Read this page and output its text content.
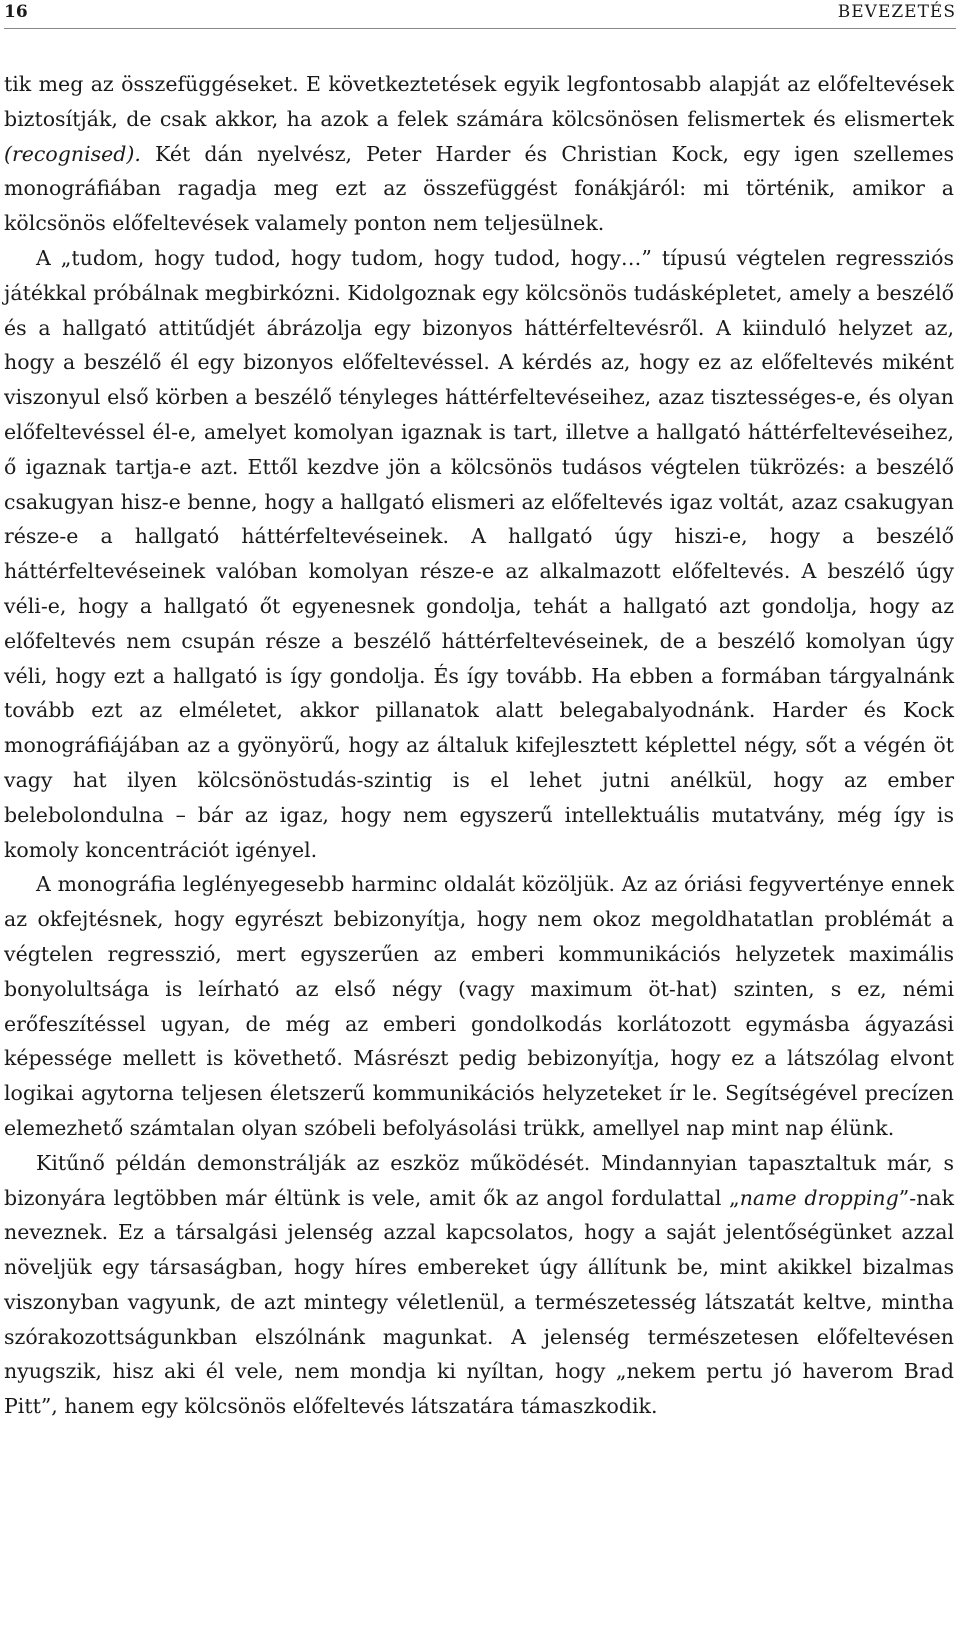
16	BEVEZETÉS

tik meg az összefüggéseket. E következtetések egyik legfontosabb alapját az előfeltevések biztosítják, de csak akkor, ha azok a felek számára kölcsönösen felismertek és elismertek (recognised). Két dán nyelvész, Peter Harder és Christian Kock, egy igen szellemes monográfiában ragadja meg ezt az összefüggést fonákjáról: mi történik, amikor a kölcsönös előfeltevések valamely ponton nem teljesülnek.

A „tudom, hogy tudod, hogy tudom, hogy tudod, hogy…” típusú végtelen regressziós játékkal próbálnak megbirkózni. Kidolgoznak egy kölcsönös tudásképletet, amely a beszélő és a hallgató attitűdjét ábrázolja egy bizonyos háttérfeltevésről. A kiinduló helyzet az, hogy a beszélő él egy bizonyos előfeltevéssel. A kérdés az, hogy ez az előfeltevés miként viszonyul első körben a beszélő tényleges háttérfeltevéseihez, azaz tisztességes-e, és olyan előfeltevéssel él-e, amelyet komolyan igaznak is tart, illetve a hallgató háttérfeltevéseihez, ő igaznak tartja-e azt. Ettől kezdve jön a kölcsönös tudásos végtelen tükrözés: a beszélő csakugyan hisz-e benne, hogy a hallgató elismeri az előfeltevés igaz voltát, azaz csakugyan része-e a hallgató háttérfeltevéseinek. A hallgató úgy hiszi-e, hogy a beszélő háttérfeltevéseinek valóban komolyan része-e az alkalmazott előfeltevés. A beszélő úgy véli-e, hogy a hallgató őt egyenesnek gondolja, tehát a hallgató azt gondolja, hogy az előfeltevés nem csupán része a beszélő háttérfeltevéseinek, de a beszélő komolyan úgy véli, hogy ezt a hallgató is így gondolja. És így tovább. Ha ebben a formában tárgyalnánk tovább ezt az elméletet, akkor pillanatok alatt belegabalyodnánk. Harder és Kock monográfiájában az a gyönyörű, hogy az általuk kifejlesztett képlettel négy, sőt a végén öt vagy hat ilyen kölcsönöstudás-szintig is el lehet jutni anélkül, hogy az ember belebolondulna – bár az igaz, hogy nem egyszerű intellektuális mutatvány, még így is komoly koncentrációt igényel.

A monográfia leglényegesebb harminc oldalát közöljük. Az az óriási fegyverténye ennek az okfejtésnek, hogy egyrészt bebizonyítja, hogy nem okoz megoldhatatlan problémát a végtelen regresszió, mert egyszerűen az emberi kommunikációs helyzetek maximális bonyolultsága is leírható az első négy (vagy maximum öt-hat) szinten, s ez, némi erőfeszítéssel ugyan, de még az emberi gondolkodás korlátozott egymásba ágyazási képessége mellett is követhető. Másrészt pedig bebizonyítja, hogy ez a látszólag elvont logikai agytorna teljesen életszerű kommunikációs helyzeteket ír le. Segítségével precízen elemezhető számtalan olyan szóbeli befolyásolási trükk, amellyel nap mint nap élünk.

Kitűnő példán demonstrálják az eszköz működését. Mindannyian tapasztaltuk már, s bizonyára legtöbben már éltünk is vele, amit ők az angol fordulattal „name dropping”-nak neveznek. Ez a társalgási jelenség azzal kapcsolatos, hogy a saját jelentőségünket azzal növeljük egy társaságban, hogy híres embereket úgy állítunk be, mint akikkel bizalmas viszonyban vagyunk, de azt mintegy véletlenül, a természetesség látszatát keltve, mintha szórakozottságunkban elszólnánk magunkat. A jelenség természetesen előfeltevésen nyugszik, hisz aki él vele, nem mondja ki nyíltan, hogy „nekem pertu jó haverom Brad Pitt”, hanem egy kölcsönös előfeltevés látszatára támaszkodik.
